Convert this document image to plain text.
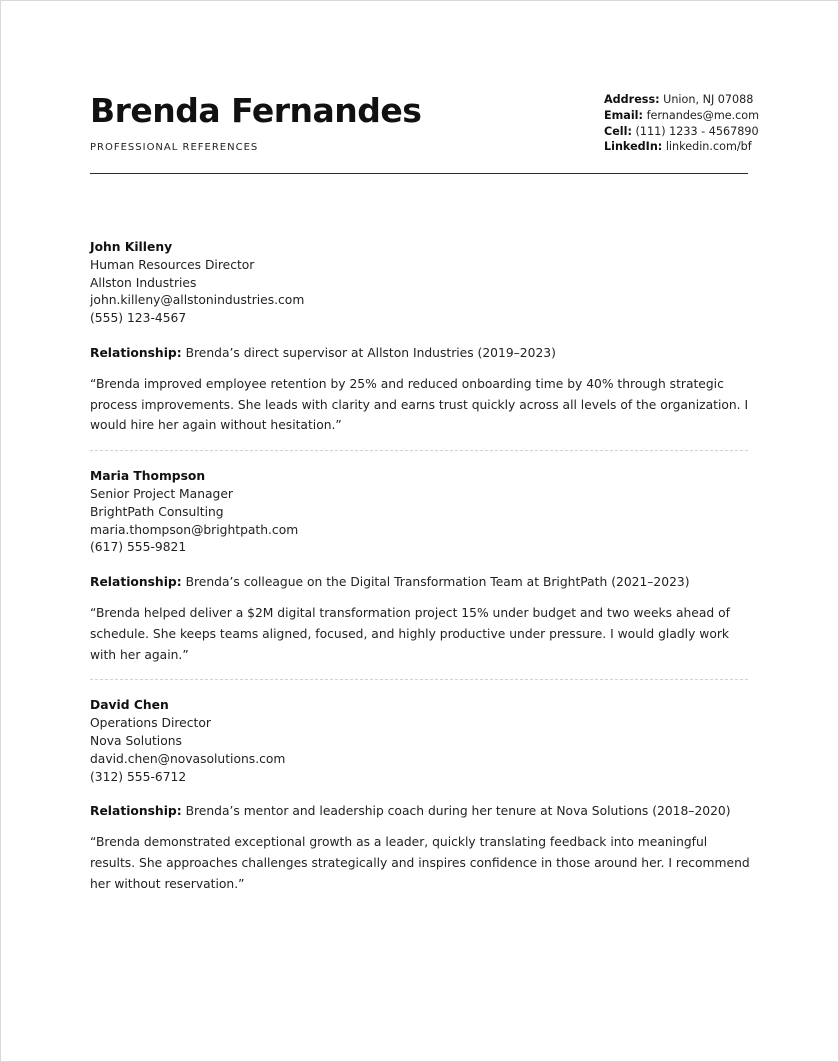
Brenda Fernandes
PROFESSIONAL REFERENCES
Address: Union, NJ 07088
Email: fernandes@me.com
Cell: (111) 1233 - 4567890
LinkedIn: linkedin.com/bf
John Killeny
Human Resources Director
Allston Industries
john.killeny@allstonindustries.com
(555) 123-4567
Relationship: Brenda’s direct supervisor at Allston Industries (2019–2023)
“Brenda improved employee retention by 25% and reduced onboarding time by 40% through strategic process improvements. She leads with clarity and earns trust quickly across all levels of the organization. I would hire her again without hesitation.”
Maria Thompson
Senior Project Manager
BrightPath Consulting
maria.thompson@brightpath.com
(617) 555-9821
Relationship: Brenda’s colleague on the Digital Transformation Team at BrightPath (2021–2023)
“Brenda helped deliver a $2M digital transformation project 15% under budget and two weeks ahead of schedule. She keeps teams aligned, focused, and highly productive under pressure. I would gladly work with her again.”
David Chen
Operations Director
Nova Solutions
david.chen@novasolutions.com
(312) 555-6712
Relationship: Brenda’s mentor and leadership coach during her tenure at Nova Solutions (2018–2020)
“Brenda demonstrated exceptional growth as a leader, quickly translating feedback into meaningful results. She approaches challenges strategically and inspires confidence in those around her. I recommend her without reservation.”
